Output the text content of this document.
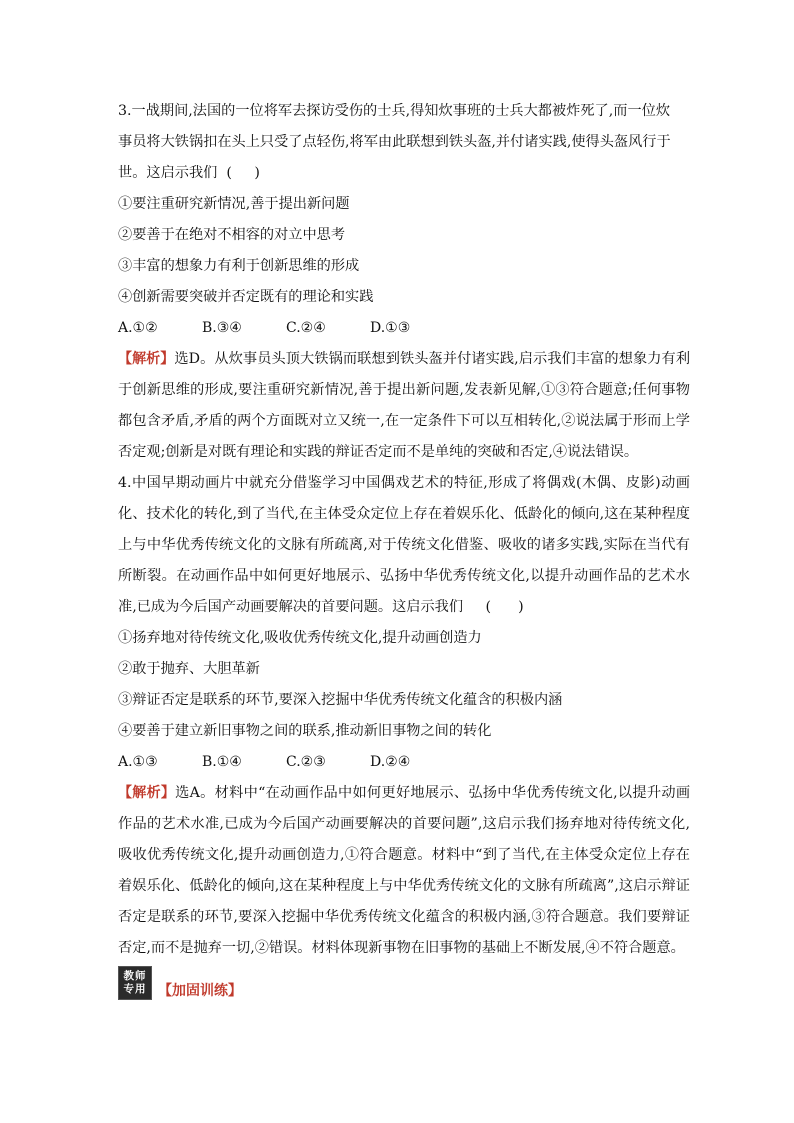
3.一战期间,法国的一位将军去探访受伤的士兵,得知炊事班的士兵大都被炸死了,而一位炊
事员将大铁锅扣在头上只受了点轻伤,将军由此联想到铁头盔,并付诸实践,使得头盔风行于
世。这启示我们  (     )
①要注重研究新情况,善于提出新问题
②要善于在绝对不相容的对立中思考
③丰富的想象力有利于创新思维的形成
④创新需要突破并否定既有的理论和实践
A.①②	B.③④	C.②④	D.①③
【解析】选D。从炊事员头顶大铁锅而联想到铁头盔并付诸实践,启示我们丰富的想象力有利于创新思维的形成,要注重研究新情况,善于提出新问题,发表新见解,①③符合题意;任何事物都包含矛盾,矛盾的两个方面既对立又统一,在一定条件下可以互相转化,②说法属于形而上学否定观;创新是对既有理论和实践的辩证否定而不是单纯的突破和否定,④说法错误。
4.中国早期动画片中就充分借鉴学习中国偶戏艺术的特征,形成了将偶戏(木偶、皮影)动画化、技术化的转化,到了当代,在主体受众定位上存在着娱乐化、低龄化的倾向,这在某种程度上与中华优秀传统文化的文脉有所疏离,对于传统文化借鉴、吸收的诸多实践,实际在当代有所断裂。在动画作品中如何更好地展示、弘扬中华优秀传统文化,以提升动画作品的艺术水准,已成为今后国产动画要解决的首要问题。这启示我们     (      )
①扬弃地对待传统文化,吸收优秀传统文化,提升动画创造力
②敢于抛弃、大胆革新
③辩证否定是联系的环节,要深入挖掘中华优秀传统文化蕴含的积极内涵
④要善于建立新旧事物之间的联系,推动新旧事物之间的转化
A.①③	B.①④	C.②③	D.②④
【解析】选A。材料中“在动画作品中如何更好地展示、弘扬中华优秀传统文化,以提升动画作品的艺术水准,已成为今后国产动画要解决的首要问题”,这启示我们扬弃地对待传统文化,吸收优秀传统文化,提升动画创造力,①符合题意。材料中“到了当代,在主体受众定位上存在着娱乐化、低龄化的倾向,这在某种程度上与中华优秀传统文化的文脉有所疏离”,这启示辩证否定是联系的环节,要深入挖掘中华优秀传统文化蕴含的积极内涵,③符合题意。我们要辩证否定,而不是抛弃一切,②错误。材料体现新事物在旧事物的基础上不断发展,④不符合题意。
教师
专用 【加固训练】
